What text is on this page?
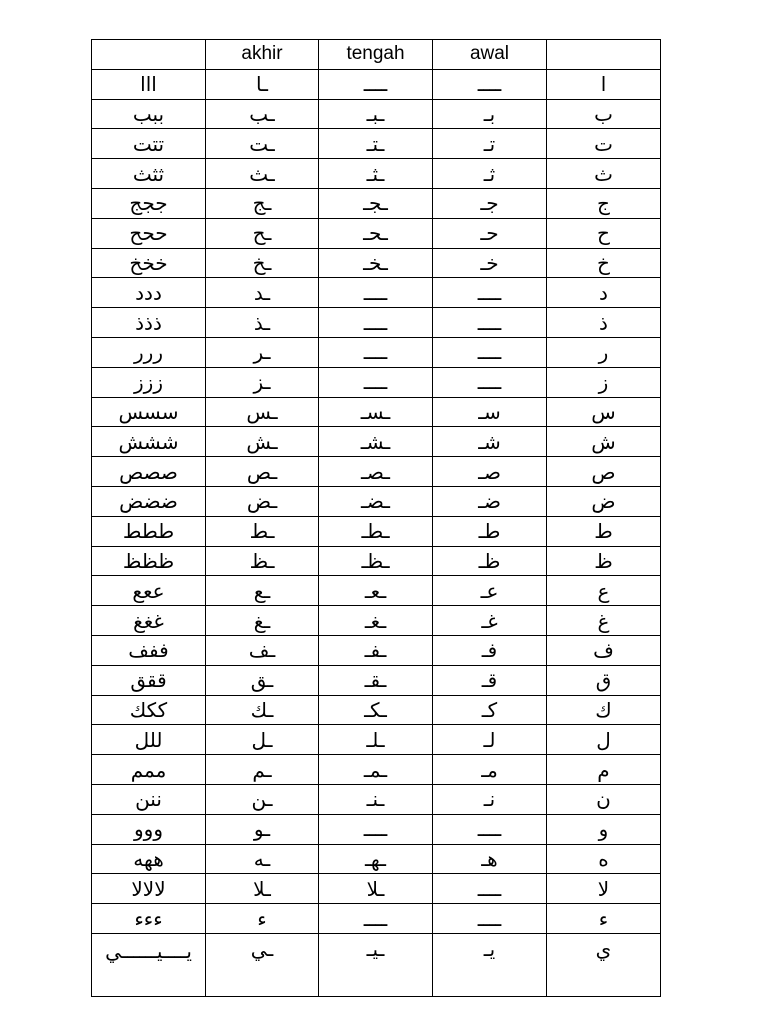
	akhir	tengah	awal	
ااا	ـا	ــــ	ــــ	ا
ببب	ـب	ـبـ	بـ	ب
تتت	ـت	ـتـ	تـ	ت
ثثث	ـث	ـثـ	ثـ	ث
ججج	ـج	ـجـ	جـ	ج
ححح	ـح	ـحـ	حـ	ح
خخخ	ـخ	ـخـ	خـ	خ
ددد	ـد	ــــ	ــــ	د
ذذذ	ـذ	ــــ	ــــ	ذ
ررر	ـر	ــــ	ــــ	ر
ززز	ـز	ــــ	ــــ	ز
سسس	ـس	ـسـ	سـ	س
ششش	ـش	ـشـ	شـ	ش
صصص	ـص	ـصـ	صـ	ص
ضضض	ـض	ـضـ	ضـ	ض
ططط	ـط	ـطـ	طـ	ط
ظظظ	ـظ	ـظـ	ظـ	ظ
ععع	ـع	ـعـ	عـ	ع
غغغ	ـغ	ـغـ	غـ	غ
ففف	ـف	ـفـ	فـ	ف
ققق	ـق	ـقـ	قـ	ق
ككك	ـك	ـكـ	كـ	ك
للل	ـل	ـلـ	لـ	ل
ممم	ـم	ـمـ	مـ	م
ننن	ـن	ـنـ	نـ	ن
ووو	ـو	ــــ	ــــ	و
ههه	ـه	ـهـ	هـ	ه
لالالا	ـلا	ـلا	ــــ	لا
ءءء	ء	ــــ	ــــ	ء
يــــيــــــي	ـي	ـيـ	يـ	ي
